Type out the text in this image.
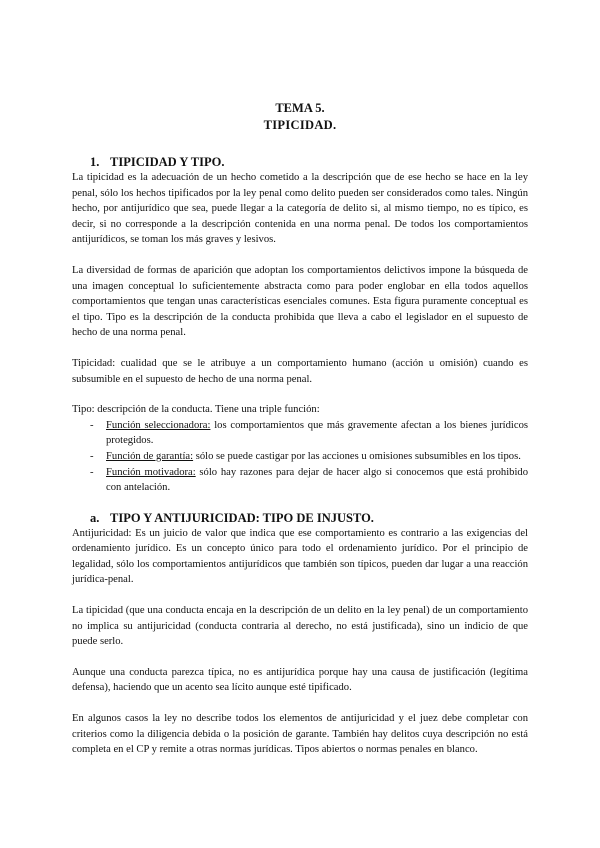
TEMA 5.
TIPICIDAD.
1. TIPICIDAD Y TIPO.

La tipicidad es la adecuación de un hecho cometido a la descripción que de ese hecho se hace en la ley penal, sólo los hechos tipificados por la ley penal como delito pueden ser considerados como tales. Ningún hecho, por antijurídico que sea, puede llegar a la categoría de delito si, al mismo tiempo, no es típico, es decir, si no corresponde a la descripción contenida en una norma penal. De todos los comportamientos antijurídicos, se toman los más graves y lesivos.

La diversidad de formas de aparición que adoptan los comportamientos delictivos impone la búsqueda de una imagen conceptual lo suficientemente abstracta como para poder englobar en ella todos aquellos comportamientos que tengan unas características esenciales comunes. Esta figura puramente conceptual es el tipo. Tipo es la descripción de la conducta prohibida que lleva a cabo el legislador en el supuesto de hecho de una norma penal.

Tipicidad: cualidad que se le atribuye a un comportamiento humano (acción u omisión) cuando es subsumible en el supuesto de hecho de una norma penal.

Tipo: descripción de la conducta. Tiene una triple función:

- Función seleccionadora: los comportamientos que más gravemente afectan a los bienes jurídicos protegidos.
- Función de garantía: sólo se puede castigar por las acciones u omisiones subsumibles en los tipos.
- Función motivadora: sólo hay razones para dejar de hacer algo si conocemos que está prohibido con antelación.
a. TIPO Y ANTIJURICIDAD: TIPO DE INJUSTO.

Antijuricidad: Es un juicio de valor que indica que ese comportamiento es contrario a las exigencias del ordenamiento jurídico. Es un concepto único para todo el ordenamiento jurídico. Por el principio de legalidad, sólo los comportamientos antijurídicos que también son típicos, pueden dar lugar a una reacción jurídica-penal.

La tipicidad (que una conducta encaja en la descripción de un delito en la ley penal) de un comportamiento no implica su antijuricidad (conducta contraria al derecho, no está justificada), sino un indicio de que puede serlo.

Aunque una conducta parezca típica, no es antijurídica porque hay una causa de justificación (legítima defensa), haciendo que un acento sea lícito aunque esté tipificado.

En algunos casos la ley no describe todos los elementos de antijuricidad y el juez debe completar con criterios como la diligencia debida o la posición de garante. También hay delitos cuya descripción no está completa en el CP y remite a otras normas jurídicas. Tipos abiertos o normas penales en blanco.
